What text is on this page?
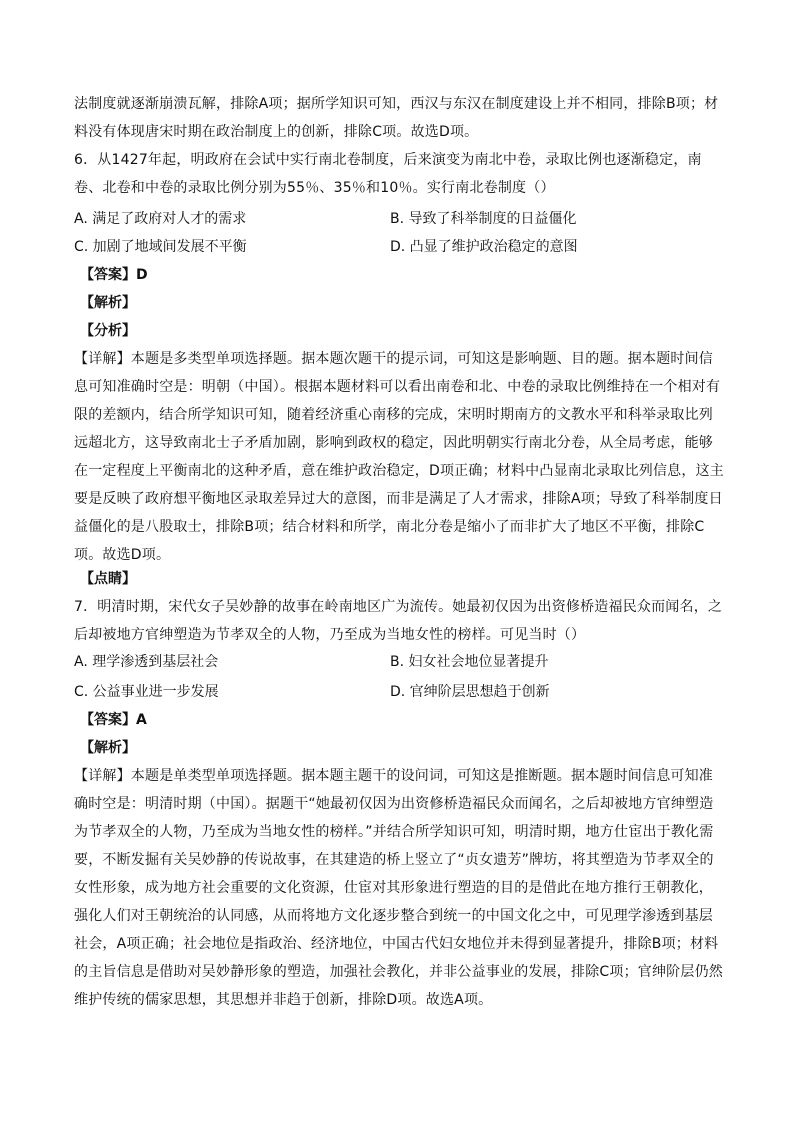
法制度就逐渐崩溃瓦解，排除A项；据所学知识可知，西汉与东汉在制度建设上并不相同，排除B项；材料没有体现唐宋时期在政治制度上的创新，排除C项。故选D项。
6．从1427年起，明政府在会试中实行南北卷制度，后来演变为南北中卷，录取比例也逐渐稳定，南卷、北卷和中卷的录取比例分别为55％、35％和10％。实行南北卷制度（）
A. 满足了政府对人才的需求	B. 导致了科举制度的日益僵化
C. 加剧了地域间发展不平衡	D. 凸显了维护政治稳定的意图
【答案】D
【解析】
【分析】
【详解】本题是多类型单项选择题。据本题次题干的提示词，可知这是影响题、目的题。据本题时间信息可知准确时空是：明朝（中国）。根据本题材料可以看出南卷和北、中卷的录取比例维持在一个相对有限的差额内，结合所学知识可知，随着经济重心南移的完成，宋明时期南方的文教水平和科举录取比列远超北方，这导致南北士子矛盾加剧，影响到政权的稳定，因此明朝实行南北分卷，从全局考虑，能够在一定程度上平衡南北的这种矛盾，意在维护政治稳定，D项正确；材料中凸显南北录取比列信息，这主要是反映了政府想平衡地区录取差异过大的意图，而非是满足了人才需求，排除A项；导致了科举制度日益僵化的是八股取士，排除B项；结合材料和所学，南北分卷是缩小了而非扩大了地区不平衡，排除C项。故选D项。
【点睛】
7．明清时期，宋代女子吴妙静的故事在岭南地区广为流传。她最初仅因为出资修桥造福民众而闻名，之后却被地方官绅塑造为节孝双全的人物，乃至成为当地女性的榜样。可见当时（）
A. 理学渗透到基层社会	B. 妇女社会地位显著提升
C. 公益事业进一步发展	D. 官绅阶层思想趋于创新
【答案】A
【解析】
【详解】本题是单类型单项选择题。据本题主题干的设问词，可知这是推断题。据本题时间信息可知准确时空是：明清时期（中国）。据题干“她最初仅因为出资修桥造福民众而闻名，之后却被地方官绅塑造为节孝双全的人物，乃至成为当地女性的榜样。”并结合所学知识可知，明清时期，地方仕宦出于教化需要，不断发掘有关吴妙静的传说故事，在其建造的桥上竖立了“贞女遗芳”牌坊，将其塑造为节孝双全的女性形象，成为地方社会重要的文化资源，仕宦对其形象进行塑造的目的是借此在地方推行王朝教化，强化人们对王朝统治的认同感，从而将地方文化逐步整合到统一的中国文化之中，可见理学渗透到基层社会，A项正确；社会地位是指政治、经济地位，中国古代妇女地位并未得到显著提升，排除B项；材料的主旨信息是借助对吴妙静形象的塑造，加强社会教化，并非公益事业的发展，排除C项；官绅阶层仍然维护传统的儒家思想，其思想并非趋于创新，排除D项。故选A项。
